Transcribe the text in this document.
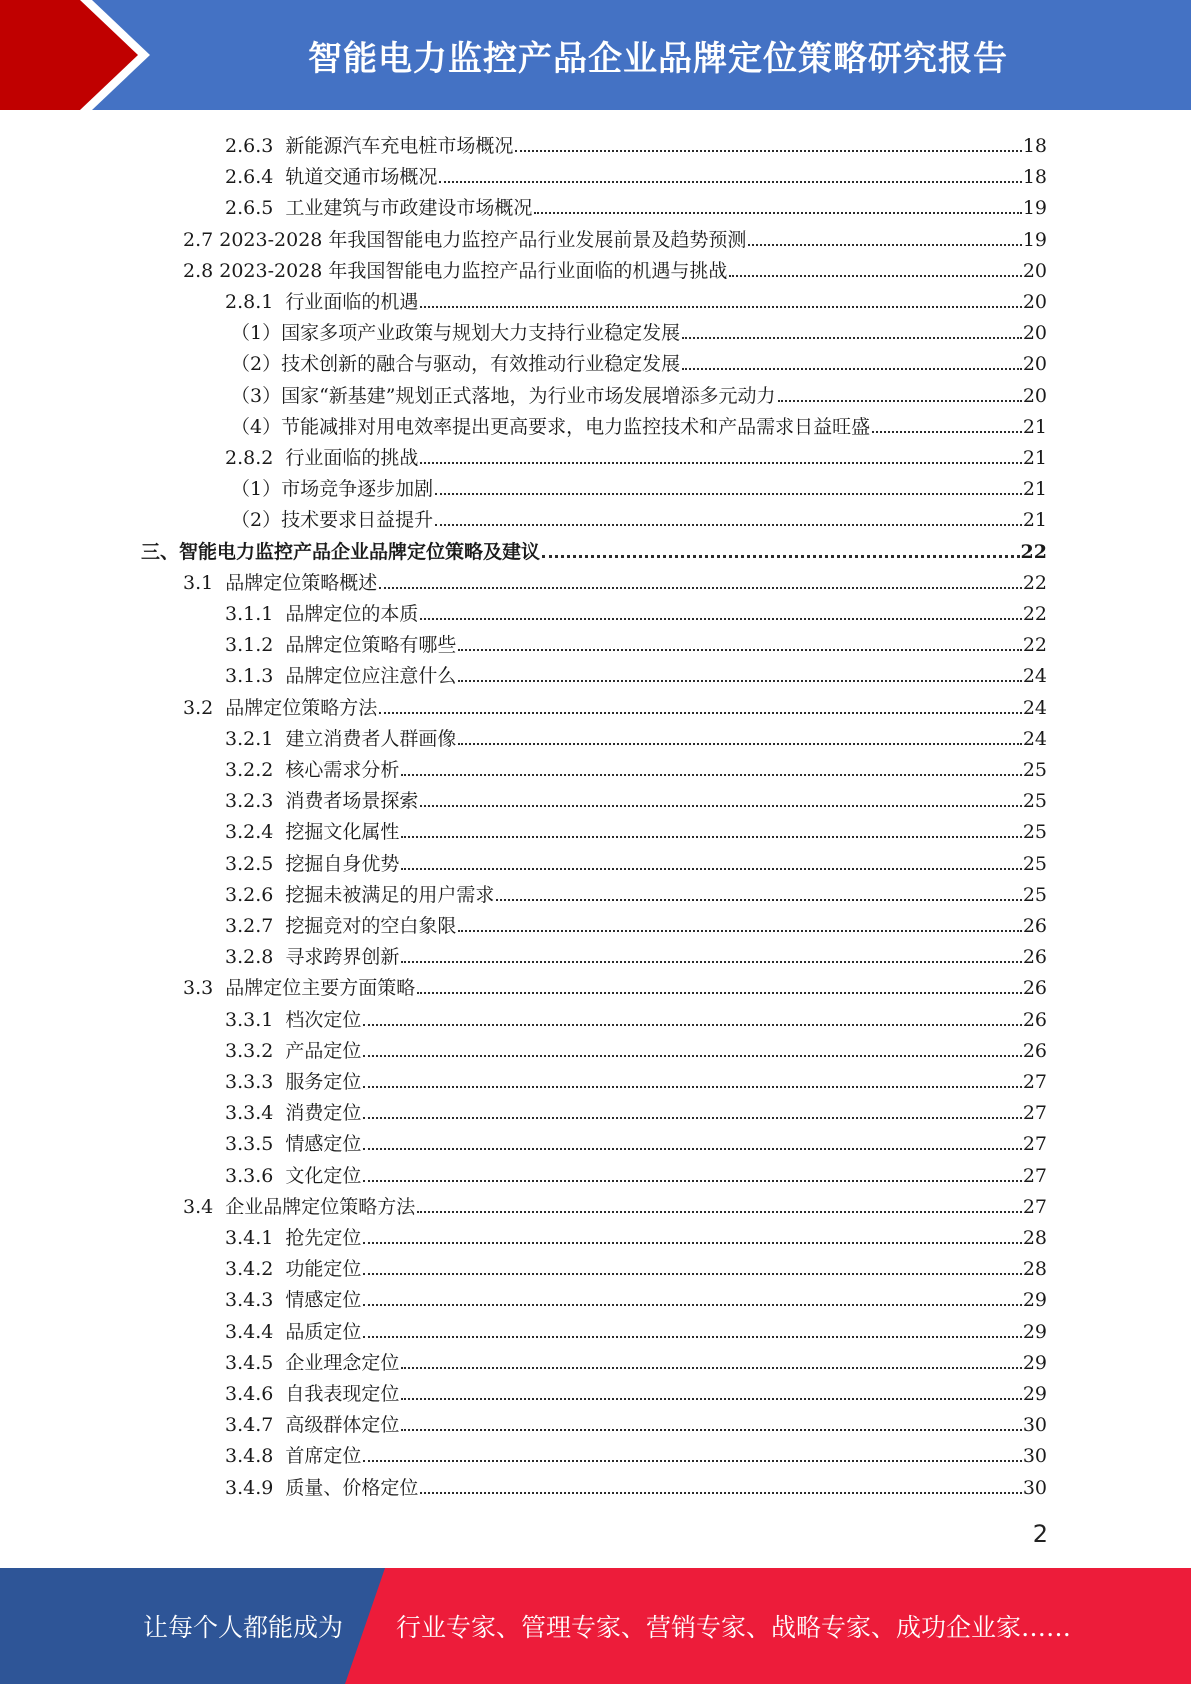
智能电力监控产品企业品牌定位策略研究报告
2.6.3 新能源汽车充电桩市场概况	18
2.6.4 轨道交通市场概况	18
2.6.5 工业建筑与市政建设市场概况	19
2.7 2023-2028 年我国智能电力监控产品行业发展前景及趋势预测	19
2.8 2023-2028 年我国智能电力监控产品行业面临的机遇与挑战	20
2.8.1 行业面临的机遇	20
（1）国家多项产业政策与规划大力支持行业稳定发展	20
（2）技术创新的融合与驱动，有效推动行业稳定发展	20
（3）国家“新基建”规划正式落地，为行业市场发展增添多元动力	20
（4）节能减排对用电效率提出更高要求，电力监控技术和产品需求日益旺盛	21
2.8.2 行业面临的挑战	21
（1）市场竞争逐步加剧	21
（2）技术要求日益提升	21
三、智能电力监控产品企业品牌定位策略及建议	22
3.1 品牌定位策略概述	22
3.1.1 品牌定位的本质	22
3.1.2 品牌定位策略有哪些	22
3.1.3 品牌定位应注意什么	24
3.2 品牌定位策略方法	24
3.2.1 建立消费者人群画像	24
3.2.2 核心需求分析	25
3.2.3 消费者场景探索	25
3.2.4 挖掘文化属性	25
3.2.5 挖掘自身优势	25
3.2.6 挖掘未被满足的用户需求	25
3.2.7 挖掘竞对的空白象限	26
3.2.8 寻求跨界创新	26
3.3 品牌定位主要方面策略	26
3.3.1 档次定位	26
3.3.2 产品定位	26
3.3.3 服务定位	27
3.3.4 消费定位	27
3.3.5 情感定位	27
3.3.6 文化定位	27
3.4 企业品牌定位策略方法	27
3.4.1 抢先定位	28
3.4.2 功能定位	28
3.4.3 情感定位	29
3.4.4 品质定位	29
3.4.5 企业理念定位	29
3.4.6 自我表现定位	29
3.4.7 高级群体定位	30
3.4.8 首席定位	30
3.4.9 质量、价格定位	30
2
让每个人都能成为 行业专家、管理专家、营销专家、战略专家、成功企业家……
